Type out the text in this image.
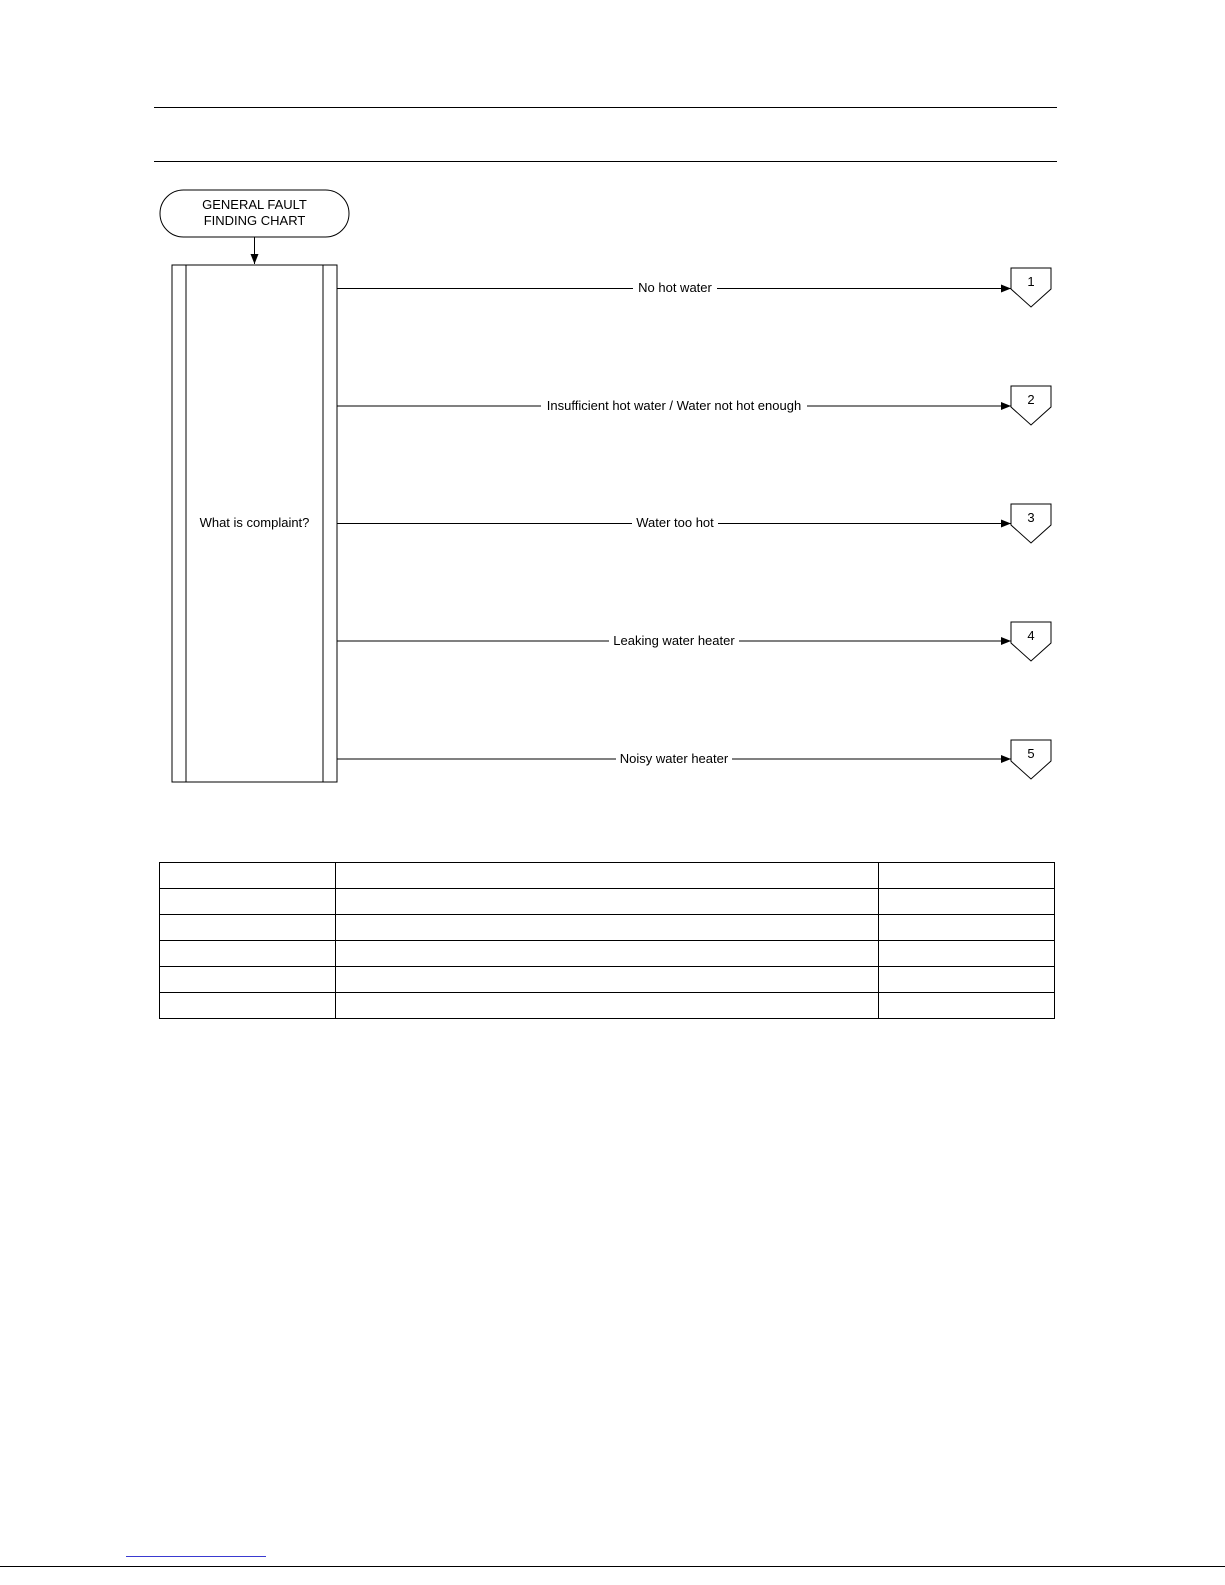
GENERAL FAULT
FINDING CHART
What is complaint?
No hot water	1
Insufficient hot water / Water not hot enough	2
Water too hot	3
Leaking water heater	4
Noisy water heater	5
